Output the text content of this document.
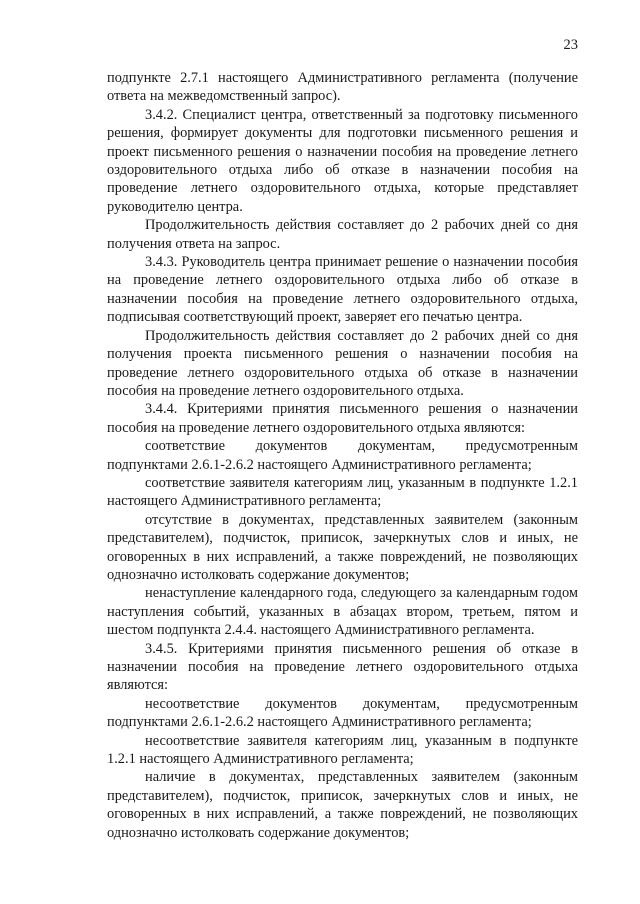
23

подпункте 2.7.1 настоящего Административного регламента (получение ответа на межведомственный запрос).

3.4.2. Специалист центра, ответственный за подготовку письменного решения, формирует документы для подготовки письменного решения и проект письменного решения о назначении пособия на проведение летнего оздоровительного отдыха либо об отказе в назначении пособия на проведение летнего оздоровительного отдыха, которые представляет руководителю центра.

Продолжительность действия составляет до 2 рабочих дней со дня получения ответа на запрос.

3.4.3. Руководитель центра принимает решение о назначении пособия на проведение летнего оздоровительного отдыха либо об отказе в назначении пособия на проведение летнего оздоровительного отдыха, подписывая соответствующий проект, заверяет его печатью центра.

Продолжительность действия составляет до 2 рабочих дней со дня получения проекта письменного решения о назначении пособия на проведение летнего оздоровительного отдыха об отказе в назначении пособия на проведение летнего оздоровительного отдыха.

3.4.4. Критериями принятия письменного решения о назначении пособия на проведение летнего оздоровительного отдыха являются:

соответствие документов документам, предусмотренным подпунктами 2.6.1-2.6.2 настоящего Административного регламента;

соответствие заявителя категориям лиц, указанным в подпункте 1.2.1 настоящего Административного регламента;

отсутствие в документах, представленных заявителем (законным представителем), подчисток, приписок, зачеркнутых слов и иных, не оговоренных в них исправлений, а также повреждений, не позволяющих однозначно истолковать содержание документов;

ненаступление календарного года, следующего за календарным годом наступления событий, указанных в абзацах втором, третьем, пятом и шестом подпункта 2.4.4. настоящего Административного регламента.

3.4.5. Критериями принятия письменного решения об отказе в назначении пособия на проведение летнего оздоровительного отдыха являются:

несоответствие документов документам, предусмотренным подпунктами 2.6.1-2.6.2 настоящего Административного регламента;

несоответствие заявителя категориям лиц, указанным в подпункте 1.2.1 настоящего Административного регламента;

наличие в документах, представленных заявителем (законным представителем), подчисток, приписок, зачеркнутых слов и иных, не оговоренных в них исправлений, а также повреждений, не позволяющих однозначно истолковать содержание документов;
